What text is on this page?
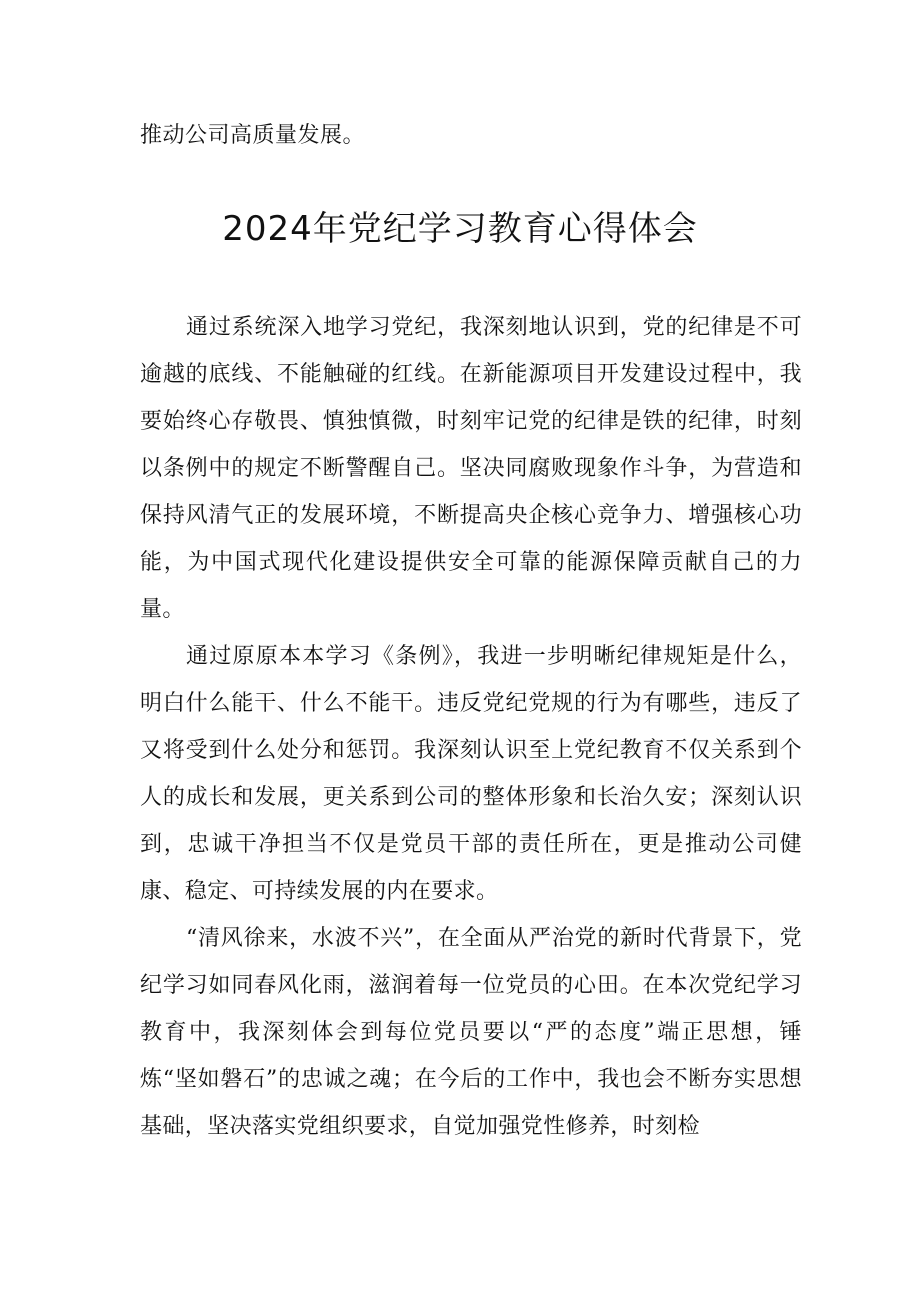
推动公司高质量发展。

2024年党纪学习教育心得体会

通过系统深入地学习党纪，我深刻地认识到，党的纪律是不可逾越的底线、不能触碰的红线。在新能源项目开发建设过程中，我要始终心存敬畏、慎独慎微，时刻牢记党的纪律是铁的纪律，时刻以条例中的规定不断警醒自己。坚决同腐败现象作斗争，为营造和保持风清气正的发展环境，不断提高央企核心竞争力、增强核心功能，为中国式现代化建设提供安全可靠的能源保障贡献自己的力量。

通过原原本本学习《条例》，我进一步明晰纪律规矩是什么，明白什么能干、什么不能干。违反党纪党规的行为有哪些，违反了又将受到什么处分和惩罚。我深刻认识至上党纪教育不仅关系到个人的成长和发展，更关系到公司的整体形象和长治久安；深刻认识到，忠诚干净担当不仅是党员干部的责任所在，更是推动公司健康、稳定、可持续发展的内在要求。

“清风徐来，水波不兴”，在全面从严治党的新时代背景下，党纪学习如同春风化雨，滋润着每一位党员的心田。在本次党纪学习教育中，我深刻体会到每位党员要以“严的态度”端正思想，锤炼“坚如磐石”的忠诚之魂；在今后的工作中，我也会不断夯实思想基础，坚决落实党组织要求，自觉加强党性修养，时刻检
